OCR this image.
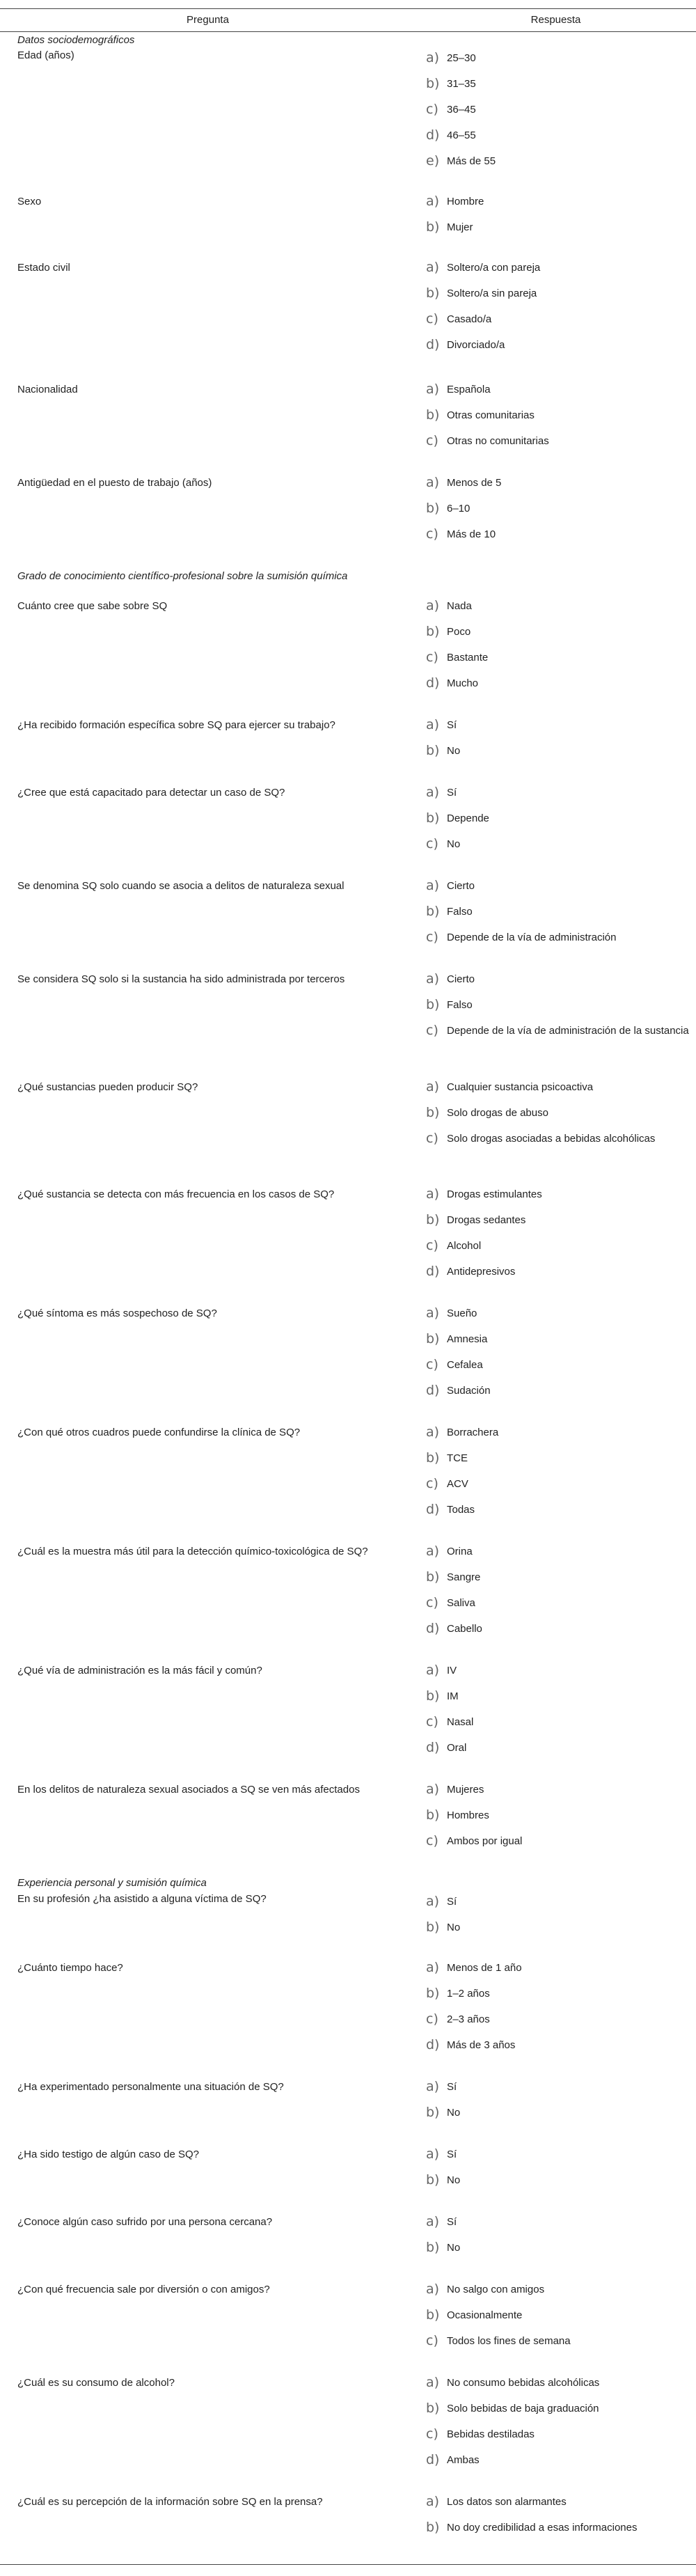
Pregunta	Respuesta
Datos sociodemográficos
Edad (años)	a) 25–30
b) 31–35
c) 36–45
d) 46–55
e) Más de 55
Sexo	a) Hombre
b) Mujer
Estado civil	a) Soltero/a con pareja
b) Soltero/a sin pareja
c) Casado/a
d) Divorciado/a
Nacionalidad	a) Española
b) Otras comunitarias
c) Otras no comunitarias
Antigüedad en el puesto de trabajo (años)	a) Menos de 5
b) 6–10
c) Más de 10
Grado de conocimiento científico-profesional sobre la sumisión química
Cuánto cree que sabe sobre SQ	a) Nada
b) Poco
c) Bastante
d) Mucho
¿Ha recibido formación específica sobre SQ para ejercer su trabajo?	a) Sí
b) No
¿Cree que está capacitado para detectar un caso de SQ?	a) Sí
b) Depende
c) No
Se denomina SQ solo cuando se asocia a delitos de naturaleza sexual	a) Cierto
b) Falso
c) Depende de la vía de administración
Se considera SQ solo si la sustancia ha sido administrada por terceros	a) Cierto
b) Falso
c) Depende de la vía de administración de la sustancia
¿Qué sustancias pueden producir SQ?	a) Cualquier sustancia psicoactiva
b) Solo drogas de abuso
c) Solo drogas asociadas a bebidas alcohólicas
¿Qué sustancia se detecta con más frecuencia en los casos de SQ?	a) Drogas estimulantes
b) Drogas sedantes
c) Alcohol
d) Antidepresivos
¿Qué síntoma es más sospechoso de SQ?	a) Sueño
b) Amnesia
c) Cefalea
d) Sudación
¿Con qué otros cuadros puede confundirse la clínica de SQ?	a) Borrachera
b) TCE
c) ACV
d) Todas
¿Cuál es la muestra más útil para la detección químico-toxicológica de SQ?	a) Orina
b) Sangre
c) Saliva
d) Cabello
¿Qué vía de administración es la más fácil y común?	a) IV
b) IM
c) Nasal
d) Oral
En los delitos de naturaleza sexual asociados a SQ se ven más afectados	a) Mujeres
b) Hombres
c) Ambos por igual
Experiencia personal y sumisión química
En su profesión ¿ha asistido a alguna víctima de SQ?	a) Sí
b) No
¿Cuánto tiempo hace?	a) Menos de 1 año
b) 1–2 años
c) 2–3 años
d) Más de 3 años
¿Ha experimentado personalmente una situación de SQ?	a) Sí
b) No
¿Ha sido testigo de algún caso de SQ?	a) Sí
b) No
¿Conoce algún caso sufrido por una persona cercana?	a) Sí
b) No
¿Con qué frecuencia sale por diversión o con amigos?	a) No salgo con amigos
b) Ocasionalmente
c) Todos los fines de semana
¿Cuál es su consumo de alcohol?	a) No consumo bebidas alcohólicas
b) Solo bebidas de baja graduación
c) Bebidas destiladas
d) Ambas
¿Cuál es su percepción de la información sobre SQ en la prensa?	a) Los datos son alarmantes
b) No doy credibilidad a esas informaciones
